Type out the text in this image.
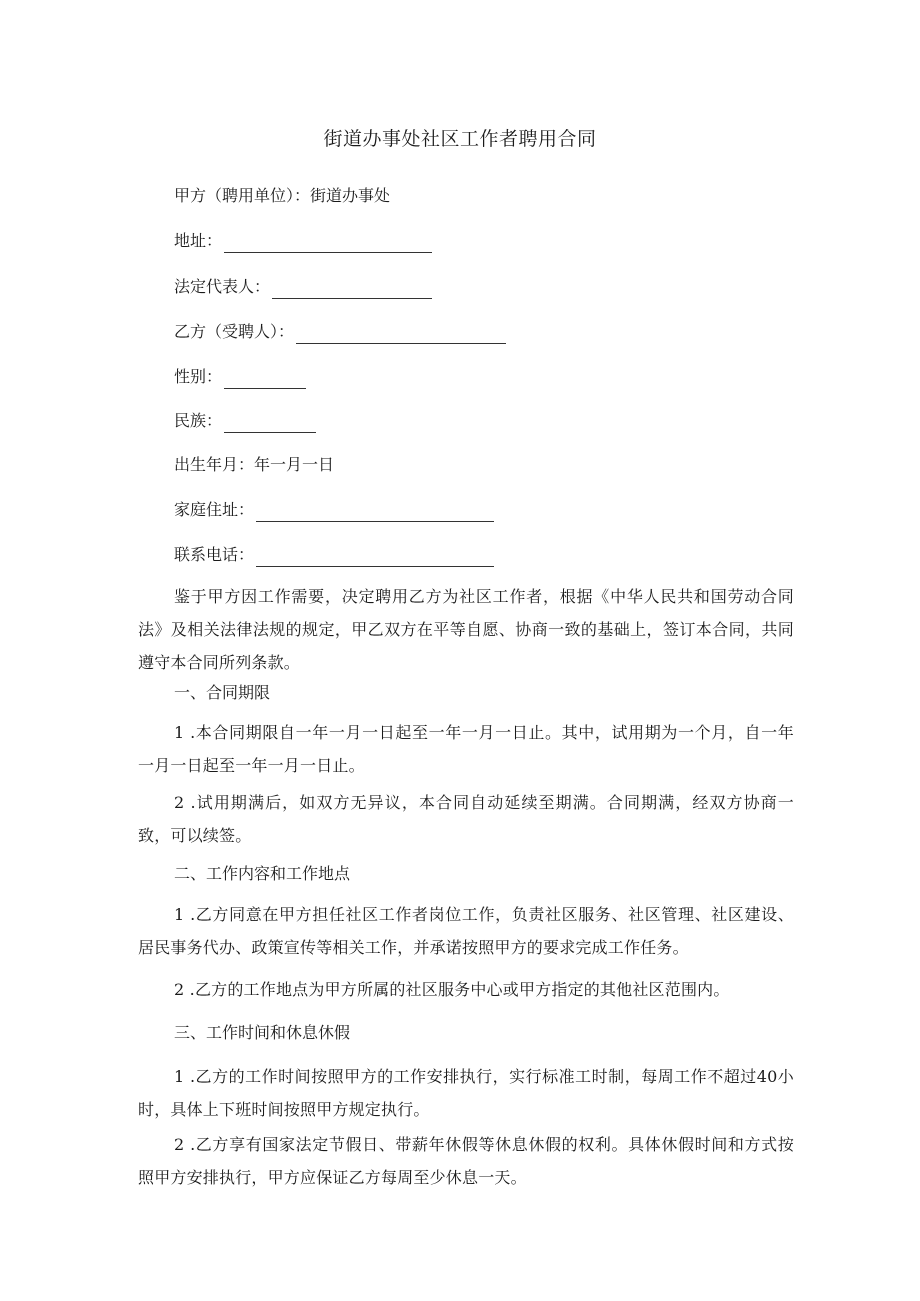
街道办事处社区工作者聘用合同
甲方（聘用单位）：街道办事处
地址：
法定代表人：
乙方（受聘人）：
性别：
民族：
出生年月：年一月一日
家庭住址：
联系电话：
鉴于甲方因工作需要，决定聘用乙方为社区工作者，根据《中华人民共和国劳动合同法》及相关法律法规的规定，甲乙双方在平等自愿、协商一致的基础上，签订本合同，共同遵守本合同所列条款。
一、合同期限
1 .本合同期限自一年一月一日起至一年一月一日止。其中，试用期为一个月，自一年一月一日起至一年一月一日止。
2 .试用期满后，如双方无异议，本合同自动延续至期满。合同期满，经双方协商一致，可以续签。
二、工作内容和工作地点
1 .乙方同意在甲方担任社区工作者岗位工作，负责社区服务、社区管理、社区建设、居民事务代办、政策宣传等相关工作，并承诺按照甲方的要求完成工作任务。
2 .乙方的工作地点为甲方所属的社区服务中心或甲方指定的其他社区范围内。
三、工作时间和休息休假
1 .乙方的工作时间按照甲方的工作安排执行，实行标准工时制，每周工作不超过40小时，具体上下班时间按照甲方规定执行。
2 .乙方享有国家法定节假日、带薪年休假等休息休假的权利。具体休假时间和方式按照甲方安排执行，甲方应保证乙方每周至少休息一天。
